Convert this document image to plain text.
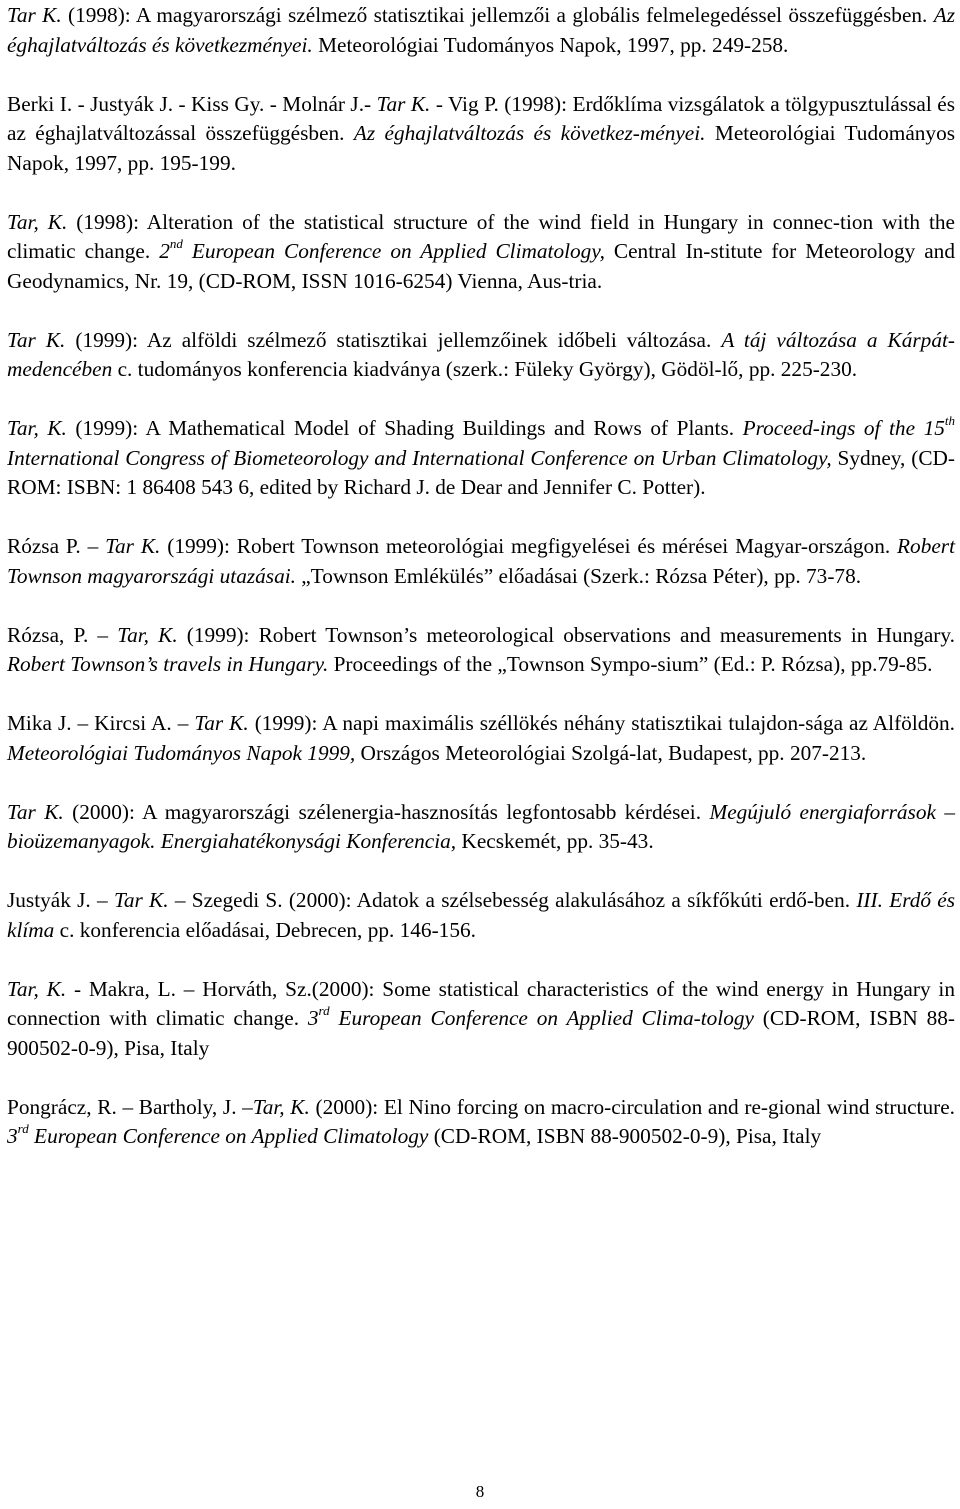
Tar K. (1998): A magyarországi szélmező statisztikai jellemzői a globális felmelegedéssel összefüggésben. Az éghajlatváltozás és következményei. Meteorológiai Tudományos Napok, 1997, pp. 249-258.

Berki I. - Justyák J. - Kiss Gy. - Molnár J.- Tar K. - Vig P. (1998): Erdőklíma vizsgálatok a tölgypusztulással és az éghajlatváltozással összefüggésben. Az éghajlatváltozás és következ-ményei. Meteorológiai Tudományos Napok, 1997, pp. 195-199.

Tar, K. (1998): Alteration of the statistical structure of the wind field in Hungary in connec-tion with the climatic change. 2nd European Conference on Applied Climatology, Central In-stitute for Meteorology and Geodynamics, Nr. 19, (CD-ROM, ISSN 1016-6254) Vienna, Aus-tria.

Tar K. (1999): Az alföldi szélmező statisztikai jellemzőinek időbeli változása. A táj változása a Kárpát-medencében c. tudományos konferencia kiadványa (szerk.: Füleky György), Gödöl-lő, pp. 225-230.

Tar, K. (1999): A Mathematical Model of Shading Buildings and Rows of Plants. Proceed-ings of the 15th International Congress of Biometeorology and International Conference on Urban Climatology, Sydney, (CD-ROM: ISBN: 1 86408 543 6, edited by Richard J. de Dear and Jennifer C. Potter).

Rózsa P. – Tar K. (1999): Robert Townson meteorológiai megfigyelései és mérései Magyar-országon. Robert Townson magyarországi utazásai. „Townson Emlékülés” előadásai (Szerk.: Rózsa Péter), pp. 73-78.

Rózsa, P. – Tar, K. (1999): Robert Townson’s meteorological observations and measurements in Hungary. Robert Townson’s travels in Hungary. Proceedings of the „Townson Sympo-sium” (Ed.: P. Rózsa), pp.79-85.

Mika J. – Kircsi A. – Tar K. (1999): A napi maximális széllökés néhány statisztikai tulajdon-sága az Alföldön. Meteorológiai Tudományos Napok 1999, Országos Meteorológiai Szolgá-lat, Budapest, pp. 207-213.

Tar K. (2000): A magyarországi szélenergia-hasznosítás legfontosabb kérdései. Megújuló energiaforrások – bioüzemanyagok. Energiahatékonysági Konferencia, Kecskemét, pp. 35-43.

Justyák J. – Tar K. – Szegedi S. (2000): Adatok a szélsebesség alakulásához a síkfőkúti erdő-ben. III. Erdő és klíma c. konferencia előadásai, Debrecen, pp. 146-156.

Tar, K. - Makra, L. – Horváth, Sz.(2000): Some statistical characteristics of the wind energy in Hungary in connection with climatic change. 3rd European Conference on Applied Clima-tology (CD-ROM, ISBN 88-900502-0-9), Pisa, Italy

Pongrácz, R. – Bartholy, J. –Tar, K. (2000): El Nino forcing on macro-circulation and re-gional wind structure. 3rd European Conference on Applied Climatology (CD-ROM, ISBN 88-900502-0-9), Pisa, Italy

8
